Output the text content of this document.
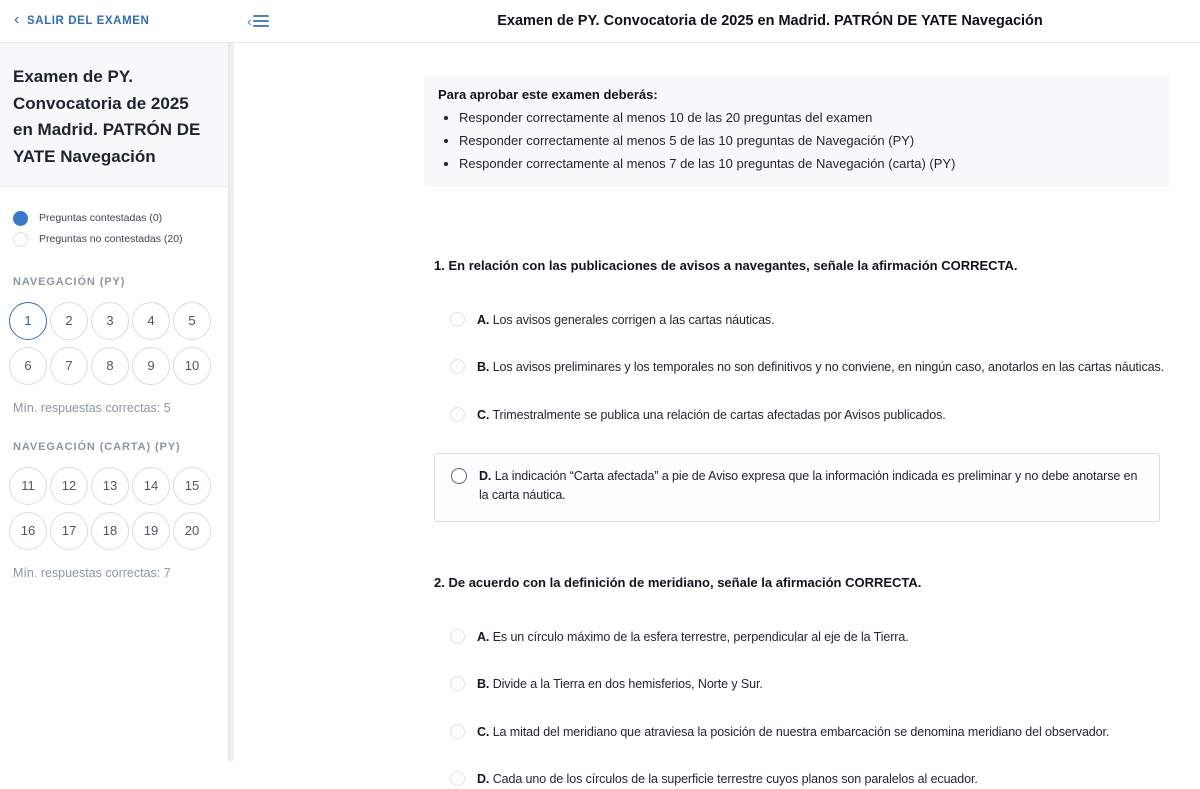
‹ SALIR DEL EXAMEN	‹	Examen de PY. Convocatoria de 2025 en Madrid. PATRÓN DE YATE Navegación
Examen de PY. Convocatoria de 2025 en Madrid. PATRÓN DE YATE Navegación
Preguntas contestadas (0)
Preguntas no contestadas (20)
NAVEGACIÓN (PY)
1	2	3	4	5
6	7	8	9	10
Mín. respuestas correctas: 5
NAVEGACIÓN (CARTA) (PY)
11	12	13	14	15
16	17	18	19	20
Mín. respuestas correctas: 7
Para aprobar este examen deberás:
• Responder correctamente al menos 10 de las 20 preguntas del examen
• Responder correctamente al menos 5 de las 10 preguntas de Navegación (PY)
• Responder correctamente al menos 7 de las 10 preguntas de Navegación (carta) (PY)
1. En relación con las publicaciones de avisos a navegantes, señale la afirmación CORRECTA.
A. Los avisos generales corrigen a las cartas náuticas.
B. Los avisos preliminares y los temporales no son definitivos y no conviene, en ningún caso, anotarlos en las cartas náuticas.
C. Trimestralmente se publica una relación de cartas afectadas por Avisos publicados.
D. La indicación “Carta afectada” a pie de Aviso expresa que la información indicada es preliminar y no debe anotarse en la carta náutica.
2. De acuerdo con la definición de meridiano, señale la afirmación CORRECTA.
A. Es un círculo máximo de la esfera terrestre, perpendicular al eje de la Tierra.
B. Divide a la Tierra en dos hemisferios, Norte y Sur.
C. La mitad del meridiano que atraviesa la posición de nuestra embarcación se denomina meridiano del observador.
D. Cada uno de los círculos de la superficie terrestre cuyos planos son paralelos al ecuador.
